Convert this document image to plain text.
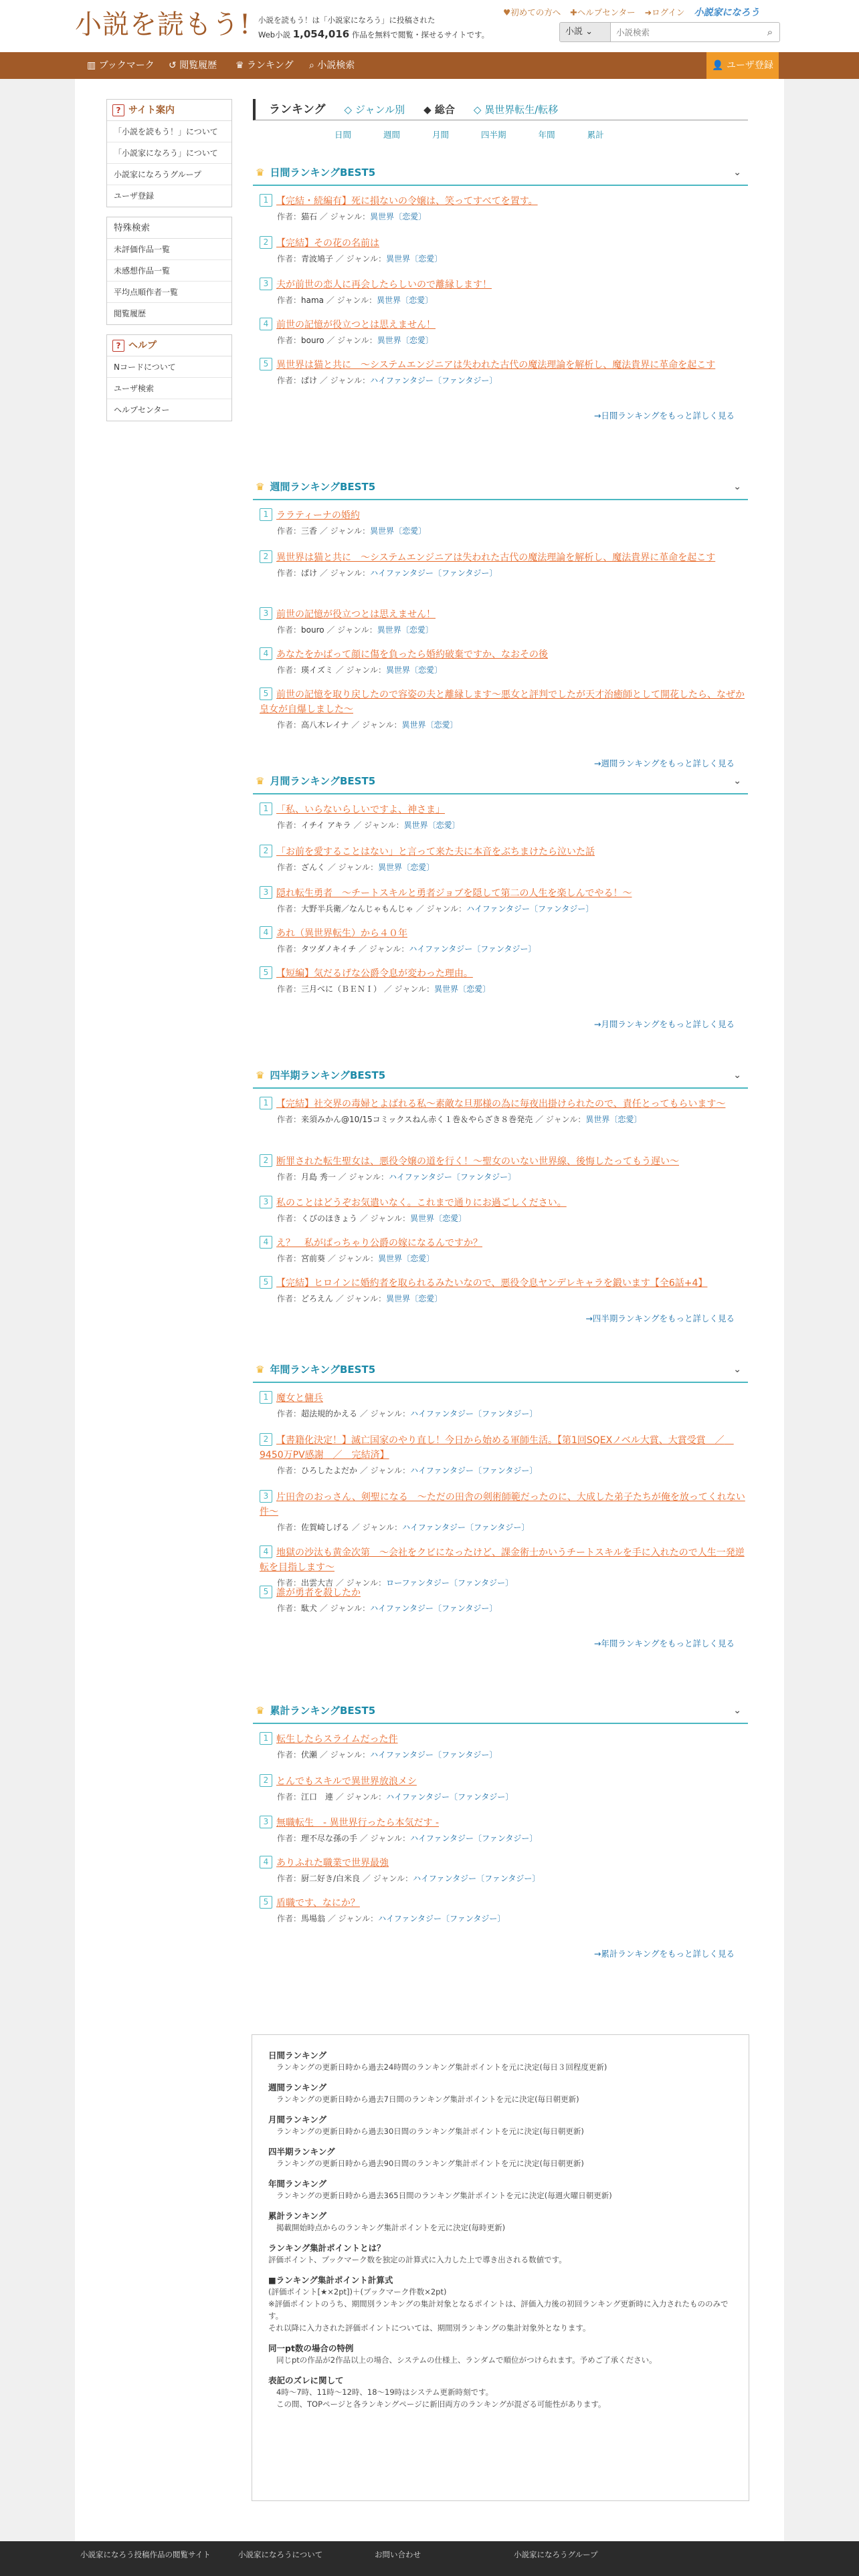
小説を読もう! 小説を読もう！は「小説家になろう」に投稿された
Web小説 1,054,016 作品を無料で閲覧・探せるサイトです。
♥初めての方へ ✚ヘルプセンター ➜ログイン 小説家になろう
小説 ⌄
小説検索	⌕
▥ ブックマーク ↺ 閲覧履歴 ♛ ランキング ⌕ 小説検索	👤 ユーザ登録
? サイト案内
「小説を読もう！」について
「小説家になろう」について
小説家になろうグループ
ユーザ登録
特殊検索
未評価作品一覧
未感想作品一覧
平均点順作者一覧
閲覧履歴
? ヘルプ
Nコードについて
ユーザ検索
ヘルプセンター
ランキング ◇ ジャンル別 ◆ 総合 ◇ 異世界転生/転移
日間	週間	月間	四半期	年間	累計
♛ 日間ランキングBEST5	⌄
1 【完結・続編有】死に損ないの令嬢は、笑ってすべてを置す。
作者：猫石 ／ ジャンル：異世界〔恋愛〕
2 【完結】その花の名前は
作者：青波鳩子 ／ ジャンル：異世界〔恋愛〕
3 夫が前世の恋人に再会したらしいので離縁します！
作者：hama ／ ジャンル：異世界〔恋愛〕
4 前世の記憶が役立つとは思えません！
作者：bouro ／ ジャンル：異世界〔恋愛〕
5 異世界は猫と共に　〜システムエンジニアは失われた古代の魔法理論を解析し、魔法貴界に革命を起こす
作者：ぱけ ／ ジャンル：ハイファンタジー〔ファンタジー〕
→日間ランキングをもっと詳しく見る
♛ 週間ランキングBEST5	⌄
1 ララティーナの婚約
作者：三香 ／ ジャンル：異世界〔恋愛〕
2 異世界は猫と共に　〜システムエンジニアは失われた古代の魔法理論を解析し、魔法貴界に革命を起こす
作者：ぱけ ／ ジャンル：ハイファンタジー〔ファンタジー〕
3 前世の記憶が役立つとは思えません！
作者：bouro ／ ジャンル：異世界〔恋愛〕
4 あなたをかばって顔に傷を負ったら婚約破棄ですか、なおその後
作者：瑛イズミ ／ ジャンル：異世界〔恋愛〕
5 前世の記憶を取り戻したので容姿の夫と離縁します〜悪女と評判でしたが天才治癒師として開花したら、なぜか皇女が自爆しました〜
作者：高八木レイナ ／ ジャンル：異世界〔恋愛〕
→週間ランキングをもっと詳しく見る
♛ 月間ランキングBEST5	⌄
1 「私、いらないらしいですよ、神さま」
作者：イチイ アキラ ／ ジャンル：異世界〔恋愛〕
2 「お前を愛することはない」と言って来た夫に本音をぶちまけたら泣いた話
作者：ざんく ／ ジャンル：異世界〔恋愛〕
3 隠れ転生勇者　〜チートスキルと勇者ジョブを隠して第二の人生を楽しんでやる！〜
作者：大野半兵衛／なんじゃもんじゃ ／ ジャンル：ハイファンタジー〔ファンタジー〕
4 あれ（異世界転生）から４０年
作者：タツダノキイチ ／ ジャンル：ハイファンタジー〔ファンタジー〕
5 【短編】気だるげな公爵令息が変わった理由。
作者：三月べに（ＢＥＮＩ） ／ ジャンル：異世界〔恋愛〕
→月間ランキングをもっと詳しく見る
♛ 四半期ランキングBEST5	⌄
1 【完結】社交界の毒婦とよばれる私〜素敵な旦那様の為に毎夜出掛けられたので、責任とってもらいます〜
作者：来須みかん@10/15コミックスねん赤く１巻＆やらざき８巻発売 ／ ジャンル：異世界〔恋愛〕
2 断罪された転生聖女は、悪役令嬢の道を行く！〜聖女のいない世界線、後悔したってもう遅い〜
作者：月島 秀一 ／ ジャンル：ハイファンタジー〔ファンタジー〕
3 私のことはどうぞお気遣いなく。これまで通りにお過ごしください。
作者：くびのほきょう ／ ジャンル：異世界〔恋愛〕
4 え？　私がぱっちゃり公爵の嫁になるんですか？
作者：宮前葵 ／ ジャンル：異世界〔恋愛〕
5 【完結】ヒロインに婚約者を取られるみたいなので、悪役令息ヤンデレキャラを鍛います【全6話+4】
作者：どろえん ／ ジャンル：異世界〔恋愛〕
→四半期ランキングをもっと詳しく見る
♛ 年間ランキングBEST5	⌄
1 魔女と傭兵
作者：超法規的かえる ／ ジャンル：ハイファンタジー〔ファンタジー〕
2 【書籍化決定！】滅亡国家のやり直し！今日から始める軍師生活。【第1回SQEXノベル大賞、大賞受賞　／　9450万PV感謝　／　完結済】
作者：ひろしたよだか ／ ジャンル：ハイファンタジー〔ファンタジー〕
3 片田舎のおっさん、剣聖になる　〜ただの田舎の剣術師範だったのに、大成した弟子たちが俺を放ってくれない件〜
作者：佐賀崎しげる ／ ジャンル：ハイファンタジー〔ファンタジー〕
4 地獄の沙汰も黄金次第　〜会社をクビになったけど、課金術士かいうチートスキルを手に入れたので人生一発逆転を目指します〜
作者：出雲大吉 ／ ジャンル：ローファンタジー〔ファンタジー〕
5 誰が勇者を殺したか
作者：駄犬 ／ ジャンル：ハイファンタジー〔ファンタジー〕
→年間ランキングをもっと詳しく見る
♛ 累計ランキングBEST5	⌄
1 転生したらスライムだった件
作者：伏瀬 ／ ジャンル：ハイファンタジー〔ファンタジー〕
2 とんでもスキルで異世界放浪メシ
作者：江口　連 ／ ジャンル：ハイファンタジー〔ファンタジー〕
3 無職転生　- 異世界行ったら本気だす -
作者：理不尽な孫の手 ／ ジャンル：ハイファンタジー〔ファンタジー〕
4 ありふれた職業で世界最強
作者：厨二好き/白米良 ／ ジャンル：ハイファンタジー〔ファンタジー〕
5 盾職です、なにか？
作者：馬場翁 ／ ジャンル：ハイファンタジー〔ファンタジー〕
→累計ランキングをもっと詳しく見る
日間ランキング
ランキングの更新日時から過去24時間のランキング集計ポイントを元に決定(毎日３回程度更新)
週間ランキング
ランキングの更新日時から過去7日間のランキング集計ポイントを元に決定(毎日朝更新)
月間ランキング
ランキングの更新日時から過去30日間のランキング集計ポイントを元に決定(毎日朝更新)
四半期ランキング
ランキングの更新日時から過去90日間のランキング集計ポイントを元に決定(毎日朝更新)
年間ランキング
ランキングの更新日時から過去365日間のランキング集計ポイントを元に決定(毎週火曜日朝更新)
累計ランキング
掲載開始時点からのランキング集計ポイントを元に決定(毎時更新)
ランキング集計ポイントとは？
評価ポイント、ブックマーク数を独定の計算式に入力した上で導き出される数値です。
■ランキング集計ポイント計算式
(評価ポイント[★×2pt])＋(ブックマーク件数×2pt)
※評価ポイントのうち、期間別ランキングの集計対象となるポイントは、評価入力後の初回ランキング更新時に入力されたもののみです。
それ以降に入力された評価ポイントについては、期間別ランキングの集計対象外となります。
同一pt数の場合の特例
同じptの作品が2作品以上の場合、システムの仕様上、ランダムで順位がつけられます。予めご了承ください。
表記のズレに関して
4時〜7時、11時〜12時、18〜19時はシステム更新時刻です。
この間、TOPページと各ランキングページに新旧両方のランキングが混ざる可能性があります。
小説家になろう投稿作品の閲覧サイト	小説家になろうについて	お問い合わせ	小説家になろうグループ
